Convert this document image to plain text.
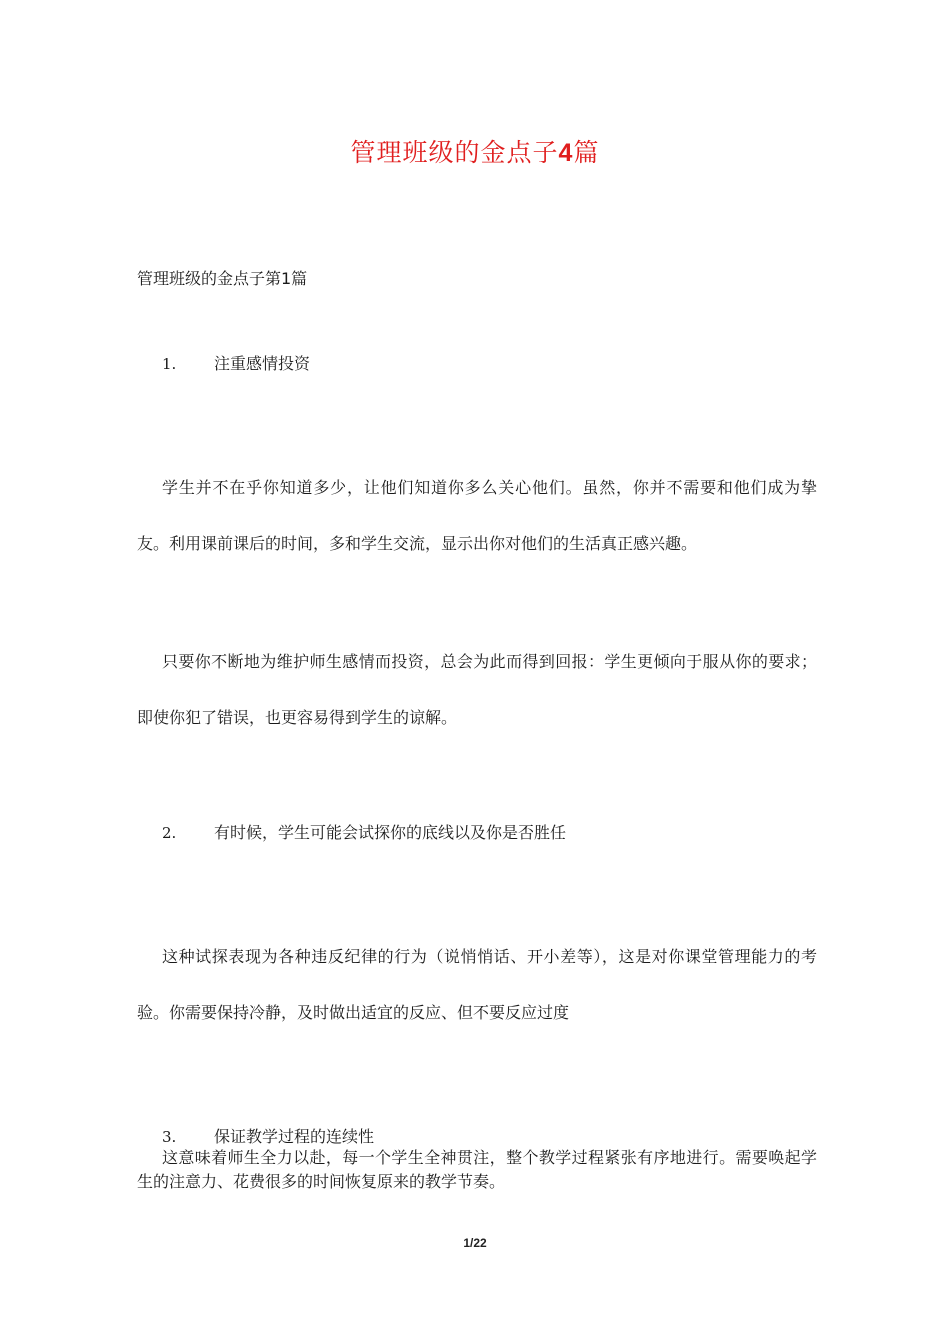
管理班级的金点子4篇
管理班级的金点子第1篇
1. 注重感情投资
学生并不在乎你知道多少，让他们知道你多么关心他们。虽然，你并不需要和他们成为挚友。利用课前课后的时间，多和学生交流，显示出你对他们的生活真正感兴趣。
只要你不断地为维护师生感情而投资，总会为此而得到回报：学生更倾向于服从你的要求；即使你犯了错误，也更容易得到学生的谅解。
2. 有时候，学生可能会试探你的底线以及你是否胜任
这种试探表现为各种违反纪律的行为（说悄悄话、开小差等），这是对你课堂管理能力的考验。你需要保持冷静，及时做出适宜的反应、但不要反应过度
3. 保证教学过程的连续性
这意味着师生全力以赴，每一个学生全神贯注，整个教学过程紧张有序地进行。需要唤起学生的注意力、花费很多的时间恢复原来的教学节奏。
1/22
